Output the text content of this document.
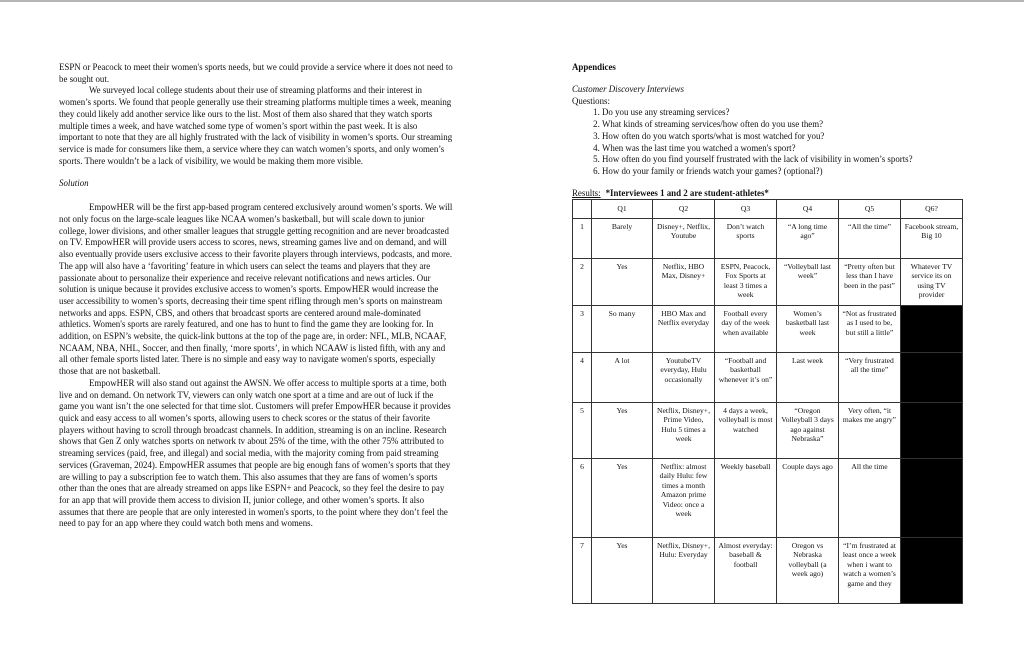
ESPN or Peacock to meet their women's sports needs, but we could provide a service where it does not need to be sought out.

We surveyed local college students about their use of streaming platforms and their interest in women’s sports. We found that people generally use their streaming platforms multiple times a week, meaning they could likely add another service like ours to the list. Most of them also shared that they watch sports multiple times a week, and have watched some type of women’s sport within the past week. It is also important to note that they are all highly frustrated with the lack of visibility in women’s sports. Our streaming service is made for consumers like them, a service where they can watch women’s sports, and only women’s sports. There wouldn’t be a lack of visibility, we would be making them more visible.

Solution

EmpowHER will be the first app-based program centered exclusively around women’s sports. We will not only focus on the large-scale leagues like NCAA women’s basketball, but will scale down to junior college, lower divisions, and other smaller leagues that struggle getting recognition and are never broadcasted on TV. EmpowHER will provide users access to scores, news, streaming games live and on demand, and will also eventually provide users exclusive access to their favorite players through interviews, podcasts, and more. The app will also have a ‘favoriting’ feature in which users can select the teams and players that they are passionate about to personalize their experience and receive relevant notifications and news articles. Our solution is unique because it provides exclusive access to women’s sports. EmpowHER would increase the user accessibility to women’s sports, decreasing their time spent rifling through men’s sports on mainstream networks and apps. ESPN, CBS, and others that broadcast sports are centered around male-dominated athletics. Women's sports are rarely featured, and one has to hunt to find the game they are looking for. In addition, on ESPN’s website, the quick-link buttons at the top of the page are, in order: NFL, MLB, NCAAF, NCAAM, NBA, NHL, Soccer, and then finally, ‘more sports’, in which NCAAW is listed fifth, with any and all other female sports listed later. There is no simple and easy way to navigate women's sports, especially those that are not basketball.

EmpowHER will also stand out against the AWSN. We offer access to multiple sports at a time, both live and on demand. On network TV, viewers can only watch one sport at a time and are out of luck if the game you want isn’t the one selected for that time slot. Customers will prefer EmpowHER because it provides quick and easy access to all women’s sports, allowing users to check scores or the status of their favorite players without having to scroll through broadcast channels. In addition, streaming is on an incline. Research shows that Gen Z only watches sports on network tv about 25% of the time, with the other 75% attributed to streaming services (paid, free, and illegal) and social media, with the majority coming from paid streaming services (Graveman, 2024). EmpowHER assumes that people are big enough fans of women’s sports that they are willing to pay a subscription fee to watch them. This also assumes that they are fans of women’s sports other than the ones that are already streamed on apps like ESPN+ and Peacock, so they feel the desire to pay for an app that will provide them access to division II, junior college, and other women’s sports. It also assumes that there are people that are only interested in women's sports, to the point where they don’t feel the need to pay for an app where they could watch both mens and womens.

Appendices

Customer Discovery Interviews

Questions:

1. Do you use any streaming services?
2. What kinds of streaming services/how often do you use them?
3. How often do you watch sports/what is most watched for you?
4. When was the last time you watched a women's sport?
5. How often do you find yourself frustrated with the lack of visibility in women’s sports?
6. How do your family or friends watch your games? (optional?)
Results: *Interviewees 1 and 2 are student-athletes*
	Q1	Q2	Q3	Q4	Q5	Q6?
1	Barely	Disney+, Netflix, Youtube	Don’t watch sports	“A long time ago”	“All the time”	Facebook stream, Big 10
2	Yes	Netflix, HBO Max, Disney+	ESPN, Peacock, Fox Sports at least 3 times a week	“Volleyball last week”	“Pretty often but less than I have been in the past”	Whatever TV service its on using TV provider
3	So many	HBO Max and Netflix everyday	Football every day of the week when available	Women’s basketball last week	“Not as frustrated as I used to be, but still a little”	
4	A lot	YoutubeTV everyday, Hulu occasionally	“Football and basketball whenever it’s on”	Last week	“Very frustrated all the time”	
5	Yes	Netflix, Disney+, Prime Video, Hulu 5 times a week	4 days a week, volleyball is most watched	“Oregon Volleyball 3 days ago against Nebraska”	Very often, “it makes me angry”	
6	Yes	Netflix: almost daily Hulu: few times a month Amazon prime Video: once a week	Weekly baseball	Couple days ago	All the time	
7	Yes	Netflix, Disney+, Hulu: Everyday	Almost everyday: baseball & football	Oregon vs Nebraska volleyball (a week ago)	“I’m frustrated at least once a week when i want to watch a women’s game and they	
